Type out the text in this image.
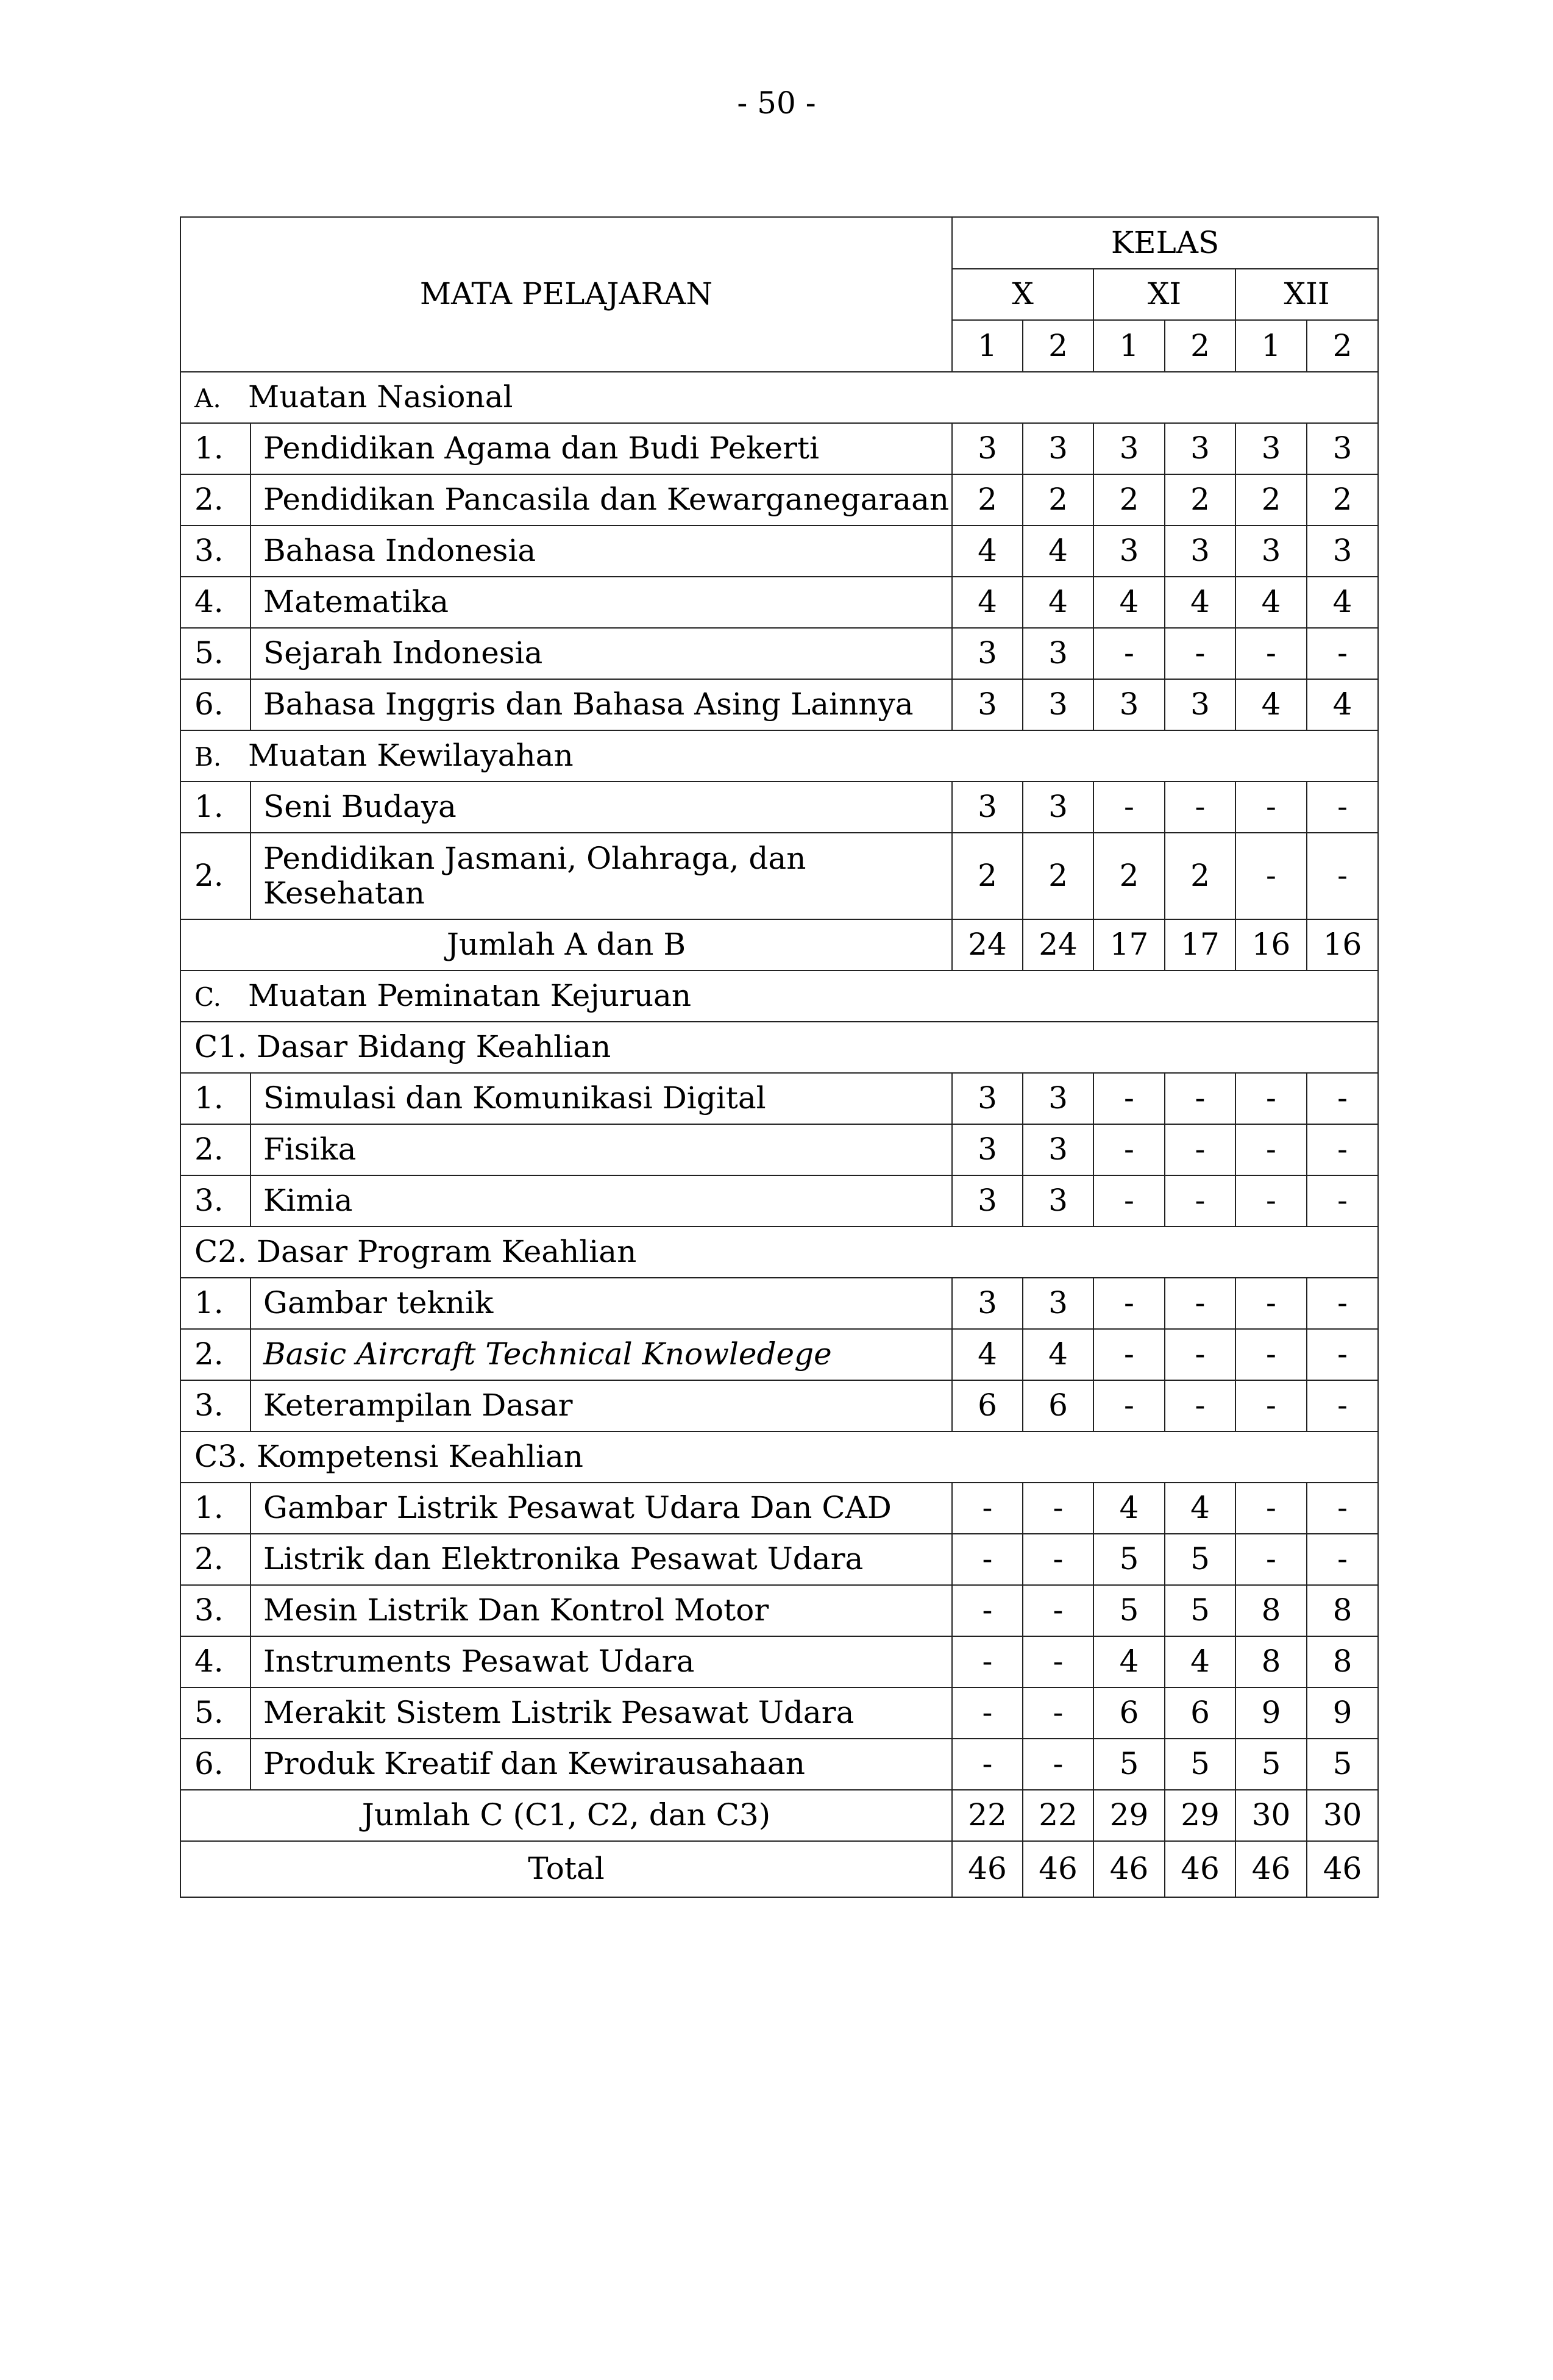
- 50 -
MATA PELAJARAN		KELAS					
		X		XI		XII	
		1	2	1	2	1	2
A. Muatan Nasional							
1.	Pendidikan Agama dan Budi Pekerti	3	3	3	3	3	3
2.	Pendidikan Pancasila dan Kewarganegaraan	2	2	2	2	2	2
3.	Bahasa Indonesia	4	4	3	3	3	3
4.	Matematika	4	4	4	4	4	4
5.	Sejarah Indonesia	3	3	-	-	-	-
6.	Bahasa Inggris dan Bahasa Asing Lainnya	3	3	3	3	4	4
B. Muatan Kewilayahan							
1.	Seni Budaya	3	3	-	-	-	-
2.	Pendidikan Jasmani, Olahraga, dan Kesehatan	2	2	2	2	-	-
Jumlah A dan B		24	24	17	17	16	16
C. Muatan Peminatan Kejuruan							
C1. Dasar Bidang Keahlian							
1.	Simulasi dan Komunikasi Digital	3	3	-	-	-	-
2.	Fisika	3	3	-	-	-	-
3.	Kimia	3	3	-	-	-	-
C2. Dasar Program Keahlian							
1.	Gambar teknik	3	3	-	-	-	-
2.	Basic Aircraft Technical Knowledege	4	4	-	-	-	-
3.	Keterampilan Dasar	6	6	-	-	-	-
C3. Kompetensi Keahlian							
1.	Gambar Listrik Pesawat Udara Dan CAD	-	-	4	4	-	-
2.	Listrik dan Elektronika Pesawat Udara	-	-	5	5	-	-
3.	Mesin Listrik Dan Kontrol Motor	-	-	5	5	8	8
4.	Instruments Pesawat Udara	-	-	4	4	8	8
5.	Merakit Sistem Listrik Pesawat Udara	-	-	6	6	9	9
6.	Produk Kreatif dan Kewirausahaan	-	-	5	5	5	5
Jumlah C (C1, C2, dan C3)		22	22	29	29	30	30
Total		46	46	46	46	46	46
